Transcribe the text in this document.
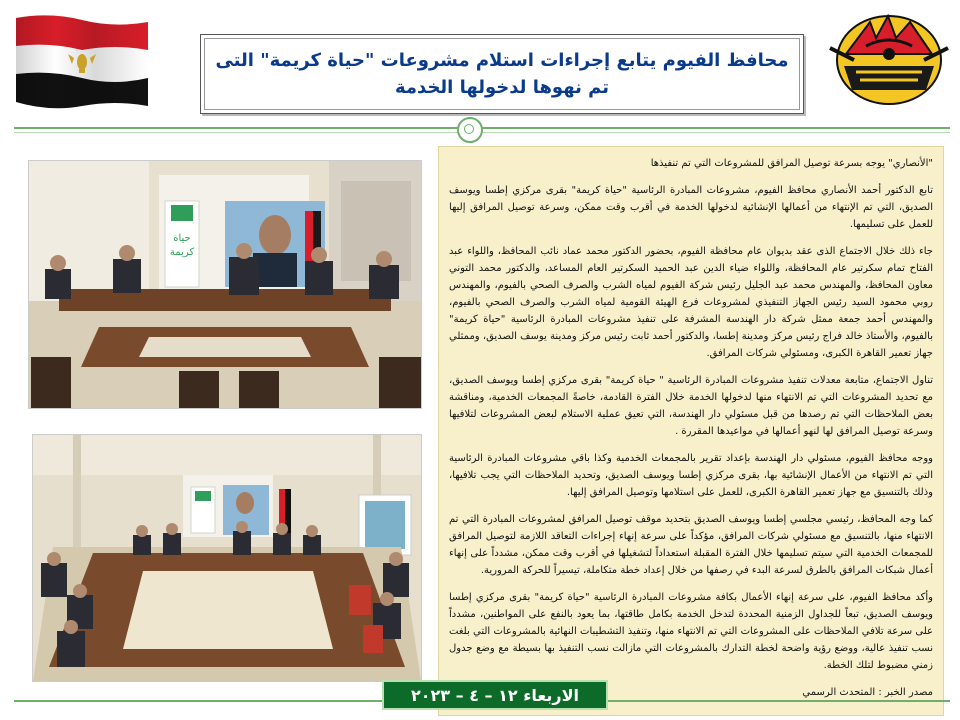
محافظ الفيوم يتابع إجراءات استلام مشروعات "حياة كريمة" التى تم نهوها لدخولها الخدمة
حياة
كريمة

"الأنصاري" يوجه بسرعة توصيل المرافق للمشروعات التي تم تنفيذها

تابع الدكتور أحمد الأنصاري محافظ الفيوم، مشروعات المبادرة الرئاسية "حياة كريمة" بقرى مركزي إطسا ويوسف الصديق، التي تم الإنتهاء من أعمالها الإنشائية لدخولها الخدمة في أقرب وقت ممكن، وسرعة توصيل المرافق إليها للعمل على تسليمها.

جاء ذلك خلال الاجتماع الذى عقد بديوان عام محافظة الفيوم، بحضور الدكتور محمد عماد نائب المحافظ، واللواء عبد الفتاح تمام سكرتير عام المحافظة، واللواء ضياء الدين عبد الحميد السكرتير العام المساعد، والدكتور محمد التوني معاون المحافظ، والمهندس محمد عبد الجليل رئيس شركة الفيوم لمياه الشرب والصرف الصحي بالفيوم، والمهندس روبي محمود السيد رئيس الجهاز التنفيذي لمشروعات فرع الهيئة القومية لمياه الشرب والصرف الصحي بالفيوم، والمهندس أحمد جمعة ممثل شركة دار الهندسة المشرفة على تنفيذ مشروعات المبادرة الرئاسية "حياة كريمة" بالفيوم، والأستاذ خالد فراج رئيس مركز ومدينة إطسا، والدكتور أحمد ثابت رئيس مركز ومدينة يوسف الصديق، وممثلي جهاز تعمير القاهرة الكبرى، ومسئولي شركات المرافق.

تناول الاجتماع، متابعة معدلات تنفيذ مشروعات المبادرة الرئاسية " حياة كريمة" بقرى مركزي إطسا ويوسف الصديق، مع تحديد المشروعات التي تم الانتهاء منها لدخولها الخدمة خلال الفترة القادمة، خاصةً المجمعات الخدمية، ومناقشة بعض الملاحظات التي تم رصدها من قبل مسئولي دار الهندسة، التي تعيق عملية الاستلام لبعض المشروعات لتلافيها وسرعة توصيل المرافق لها لنهو أعمالها في مواعيدها المقررة .

ووجه محافظ الفيوم، مسئولي دار الهندسة بإعداد تقرير بالمجمعات الخدمية وكذا باقي مشروعات المبادرة الرئاسية التي تم الانتهاء من الأعمال الإنشائية بها، بقرى مركزي إطسا ويوسف الصديق، وتحديد الملاحظات التي يجب تلافيها، وذلك بالتنسيق مع جهاز تعمير القاهرة الكبرى، للعمل على استلامها وتوصيل المرافق إليها.

كما وجه المحافظ، رئيسي مجلسي إطسا ويوسف الصديق بتحديد موقف توصيل المرافق لمشروعات المبادرة التي تم الانتهاء منها، بالتنسيق مع مسئولي شركات المرافق، مؤكداً على سرعة إنهاء إجراءات التعاقد اللازمة لتوصيل المرافق للمجمعات الخدمية التي سيتم تسليمها خلال الفترة المقبلة استعداداً لتشغيلها في أقرب وقت ممكن، مشدداً على إنهاء أعمال شبكات المرافق بالطرق لسرعة البدء في رصفها من خلال إعداد خطة متكاملة، تيسيراً للحركة المرورية.

وأكد محافظ الفيوم، على سرعة إنهاء الأعمال بكافة مشروعات المبادرة الرئاسية "حياة كريمة" بقرى مركزي إطسا ويوسف الصديق، تبعاً للجداول الزمنية المحددة لتدخل الخدمة بكامل طاقتها، بما يعود بالنفع على المواطنين، مشدداً على سرعة تلافي الملاحظات على المشروعات التي تم الانتهاء منها، وتنفيذ التشطيبات النهائية بالمشروعات التي بلغت نسب تنفيذ عالية، ووضع رؤية واضحة لخطة التدارك بالمشروعات التي مازالت نسب التنفيذ بها بسيطة مع وضع جدول زمني مضبوط لتلك الخطة.

مصدر الخبر : المتحدث الرسمي

الاربعاء ١٢ – ٤ – ٢٠٢٣
